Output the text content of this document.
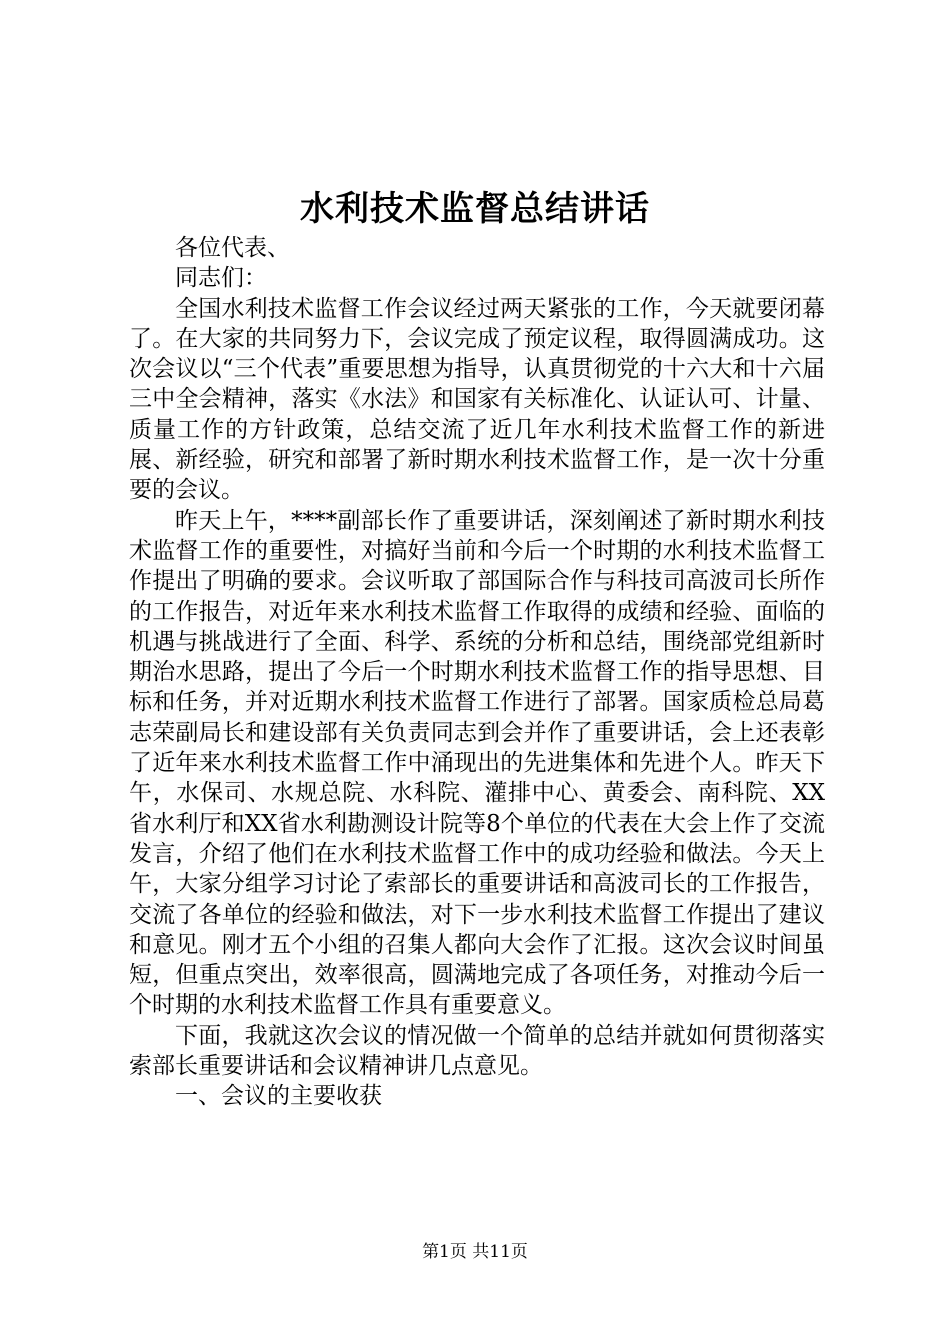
水利技术监督总结讲话

各位代表、

同志们：

全国水利技术监督工作会议经过两天紧张的工作，今天就要闭幕了。在大家的共同努力下，会议完成了预定议程，取得圆满成功。这次会议以“三个代表”重要思想为指导，认真贯彻党的十六大和十六届三中全会精神，落实《水法》和国家有关标准化、认证认可、计量、质量工作的方针政策，总结交流了近几年水利技术监督工作的新进展、新经验，研究和部署了新时期水利技术监督工作，是一次十分重要的会议。

昨天上午，****副部长作了重要讲话，深刻阐述了新时期水利技术监督工作的重要性，对搞好当前和今后一个时期的水利技术监督工作提出了明确的要求。会议听取了部国际合作与科技司高波司长所作的工作报告，对近年来水利技术监督工作取得的成绩和经验、面临的机遇与挑战进行了全面、科学、系统的分析和总结，围绕部党组新时期治水思路，提出了今后一个时期水利技术监督工作的指导思想、目标和任务，并对近期水利技术监督工作进行了部署。国家质检总局葛志荣副局长和建设部有关负责同志到会并作了重要讲话，会上还表彰了近年来水利技术监督工作中涌现出的先进集体和先进个人。昨天下午，水保司、水规总院、水科院、灌排中心、黄委会、南科院、XX省水利厅和XX省水利勘测设计院等8个单位的代表在大会上作了交流发言，介绍了他们在水利技术监督工作中的成功经验和做法。今天上午，大家分组学习讨论了索部长的重要讲话和高波司长的工作报告，交流了各单位的经验和做法，对下一步水利技术监督工作提出了建议和意见。刚才五个小组的召集人都向大会作了汇报。这次会议时间虽短，但重点突出，效率很高，圆满地完成了各项任务，对推动今后一个时期的水利技术监督工作具有重要意义。

下面，我就这次会议的情况做一个简单的总结并就如何贯彻落实索部长重要讲话和会议精神讲几点意见。

一、会议的主要收获

第1页 共11页
